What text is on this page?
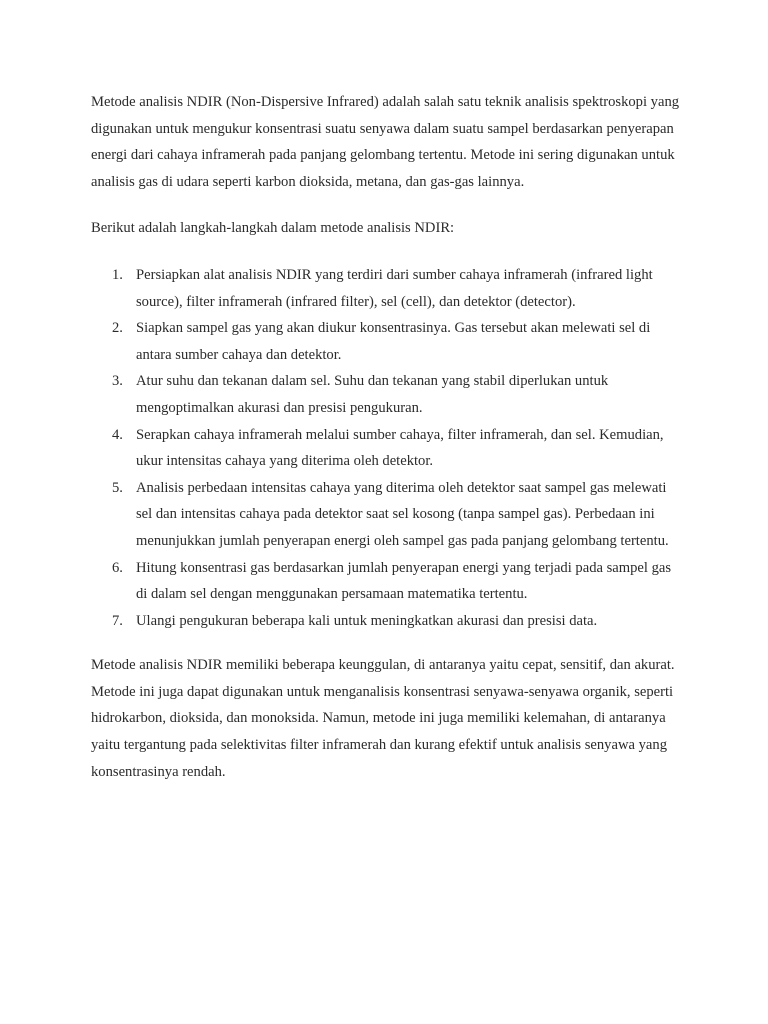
Metode analisis NDIR (Non-Dispersive Infrared) adalah salah satu teknik analisis spektroskopi yang digunakan untuk mengukur konsentrasi suatu senyawa dalam suatu sampel berdasarkan penyerapan energi dari cahaya inframerah pada panjang gelombang tertentu. Metode ini sering digunakan untuk analisis gas di udara seperti karbon dioksida, metana, dan gas-gas lainnya.

Berikut adalah langkah-langkah dalam metode analisis NDIR:

1. Persiapkan alat analisis NDIR yang terdiri dari sumber cahaya inframerah (infrared light source), filter inframerah (infrared filter), sel (cell), dan detektor (detector).
2. Siapkan sampel gas yang akan diukur konsentrasinya. Gas tersebut akan melewati sel di antara sumber cahaya dan detektor.
3. Atur suhu dan tekanan dalam sel. Suhu dan tekanan yang stabil diperlukan untuk mengoptimalkan akurasi dan presisi pengukuran.
4. Serapkan cahaya inframerah melalui sumber cahaya, filter inframerah, dan sel. Kemudian, ukur intensitas cahaya yang diterima oleh detektor.
5. Analisis perbedaan intensitas cahaya yang diterima oleh detektor saat sampel gas melewati sel dan intensitas cahaya pada detektor saat sel kosong (tanpa sampel gas). Perbedaan ini menunjukkan jumlah penyerapan energi oleh sampel gas pada panjang gelombang tertentu.
6. Hitung konsentrasi gas berdasarkan jumlah penyerapan energi yang terjadi pada sampel gas di dalam sel dengan menggunakan persamaan matematika tertentu.
7. Ulangi pengukuran beberapa kali untuk meningkatkan akurasi dan presisi data.

Metode analisis NDIR memiliki beberapa keunggulan, di antaranya yaitu cepat, sensitif, dan akurat. Metode ini juga dapat digunakan untuk menganalisis konsentrasi senyawa-senyawa organik, seperti hidrokarbon, dioksida, dan monoksida. Namun, metode ini juga memiliki kelemahan, di antaranya yaitu tergantung pada selektivitas filter inframerah dan kurang efektif untuk analisis senyawa yang konsentrasinya rendah.
